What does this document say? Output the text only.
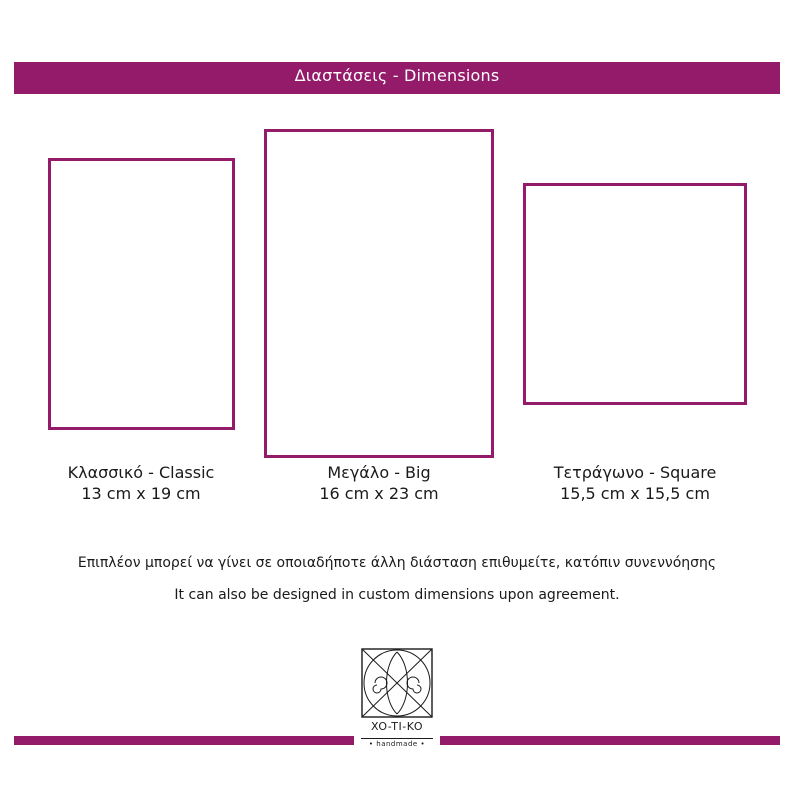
Διαστάσεις - Dimensions
Κλασσικό - Classic
13 cm x 19 cm
Μεγάλο - Big
16 cm x 23 cm
Τετράγωνο - Square
15,5 cm x 15,5 cm
Επιπλέον μπορεί να γίνει σε οποιαδήποτε άλλη διάσταση επιθυμείτε, κατόπιν συνεννόησης
It can also be designed in custom dimensions upon agreement.
XO-TI-KO
• handmade •
